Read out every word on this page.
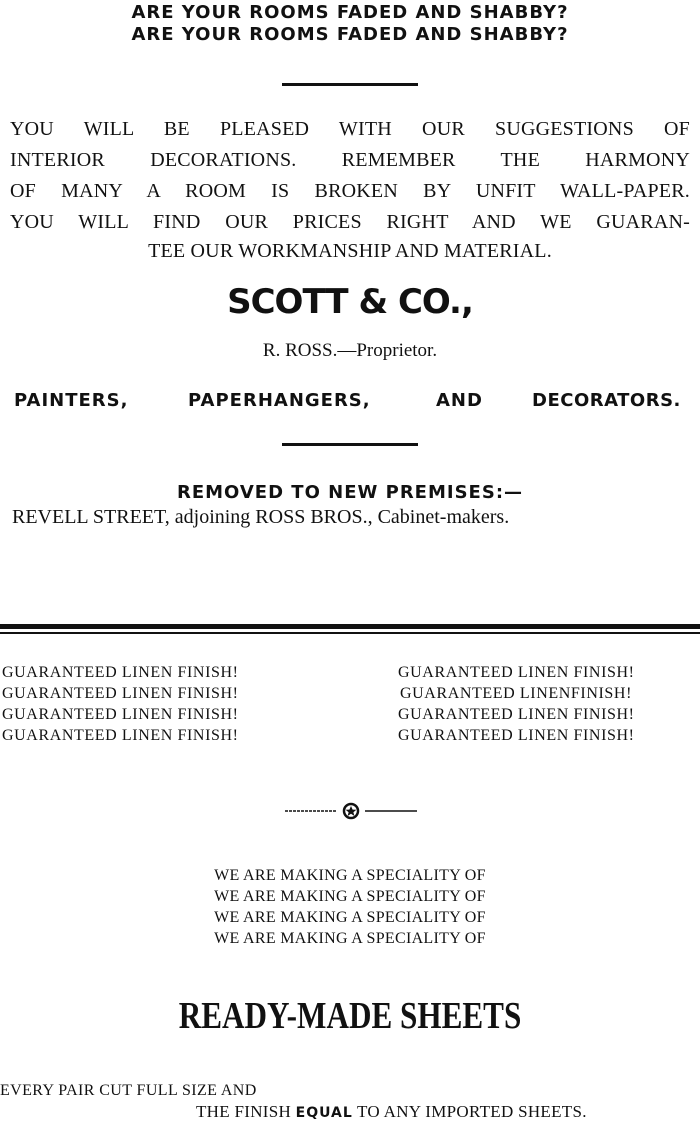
ARE YOUR ROOMS FADED AND SHABBY?
ARE YOUR ROOMS FADED AND SHABBY?
YOU WILL BE PLEASED WITH OUR SUGGESTIONS OF
INTERIOR DECORATIONS. REMEMBER THE HARMONY
OF MANY A ROOM IS BROKEN BY UNFIT WALL-PAPER.
YOU WILL FIND OUR PRICES RIGHT AND WE GUARAN-
TEE OUR WORKMANSHIP AND MATERIAL.
SCOTT & CO.,
R. ROSS.—Proprietor.
PAINTERS,	PAPERHANGERS,	AND	DECORATORS.
REMOVED TO NEW PREMISES:—
REVELL STREET, adjoining ROSS BROS., Cabinet-makers.
GUARANTEED LINEN FINISH!
GUARANTEED LINEN FINISH!
GUARANTEED LINEN FINISH!
GUARANTEED LINEN FINISH!
GUARANTEED LINEN FINISH!
GUARANTEED LINENFINISH!
GUARANTEED LINEN FINISH!
GUARANTEED LINEN FINISH!
WE ARE MAKING A SPECIALITY OF
WE ARE MAKING A SPECIALITY OF
WE ARE MAKING A SPECIALITY OF
WE ARE MAKING A SPECIALITY OF
READY-MADE SHEETS
EVERY PAIR CUT FULL SIZE AND
THE FINISH EQUAL TO ANY IMPORTED SHEETS.
